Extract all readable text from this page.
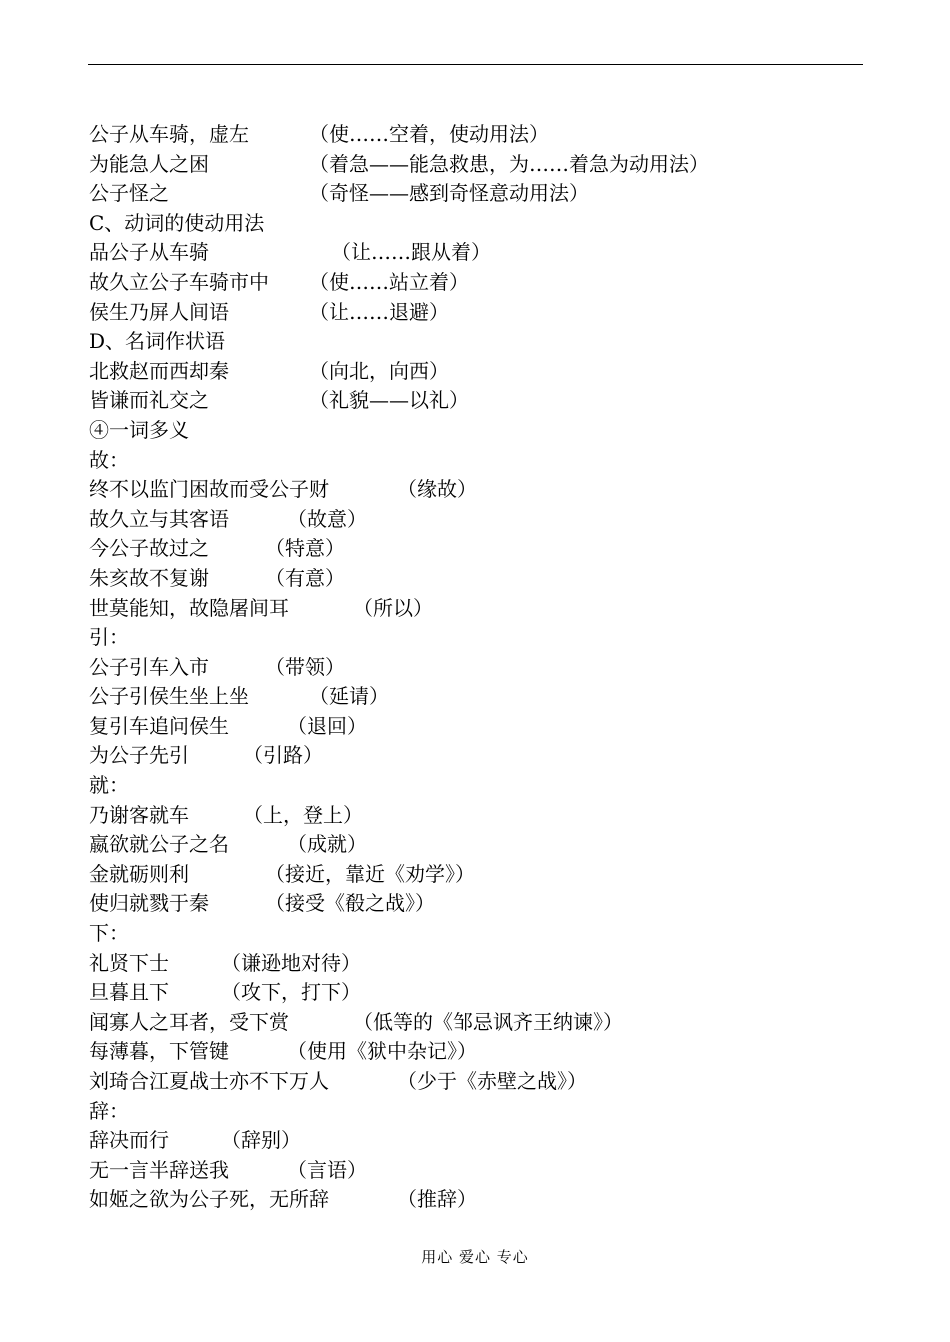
公子从车骑，虚左	（使……空着，使动用法）
为能急人之困	（着急——能急救患，为……着急为动用法）
公子怪之	（奇怪——感到奇怪意动用法）
C、动词的使动用法
品公子从车骑	（让……跟从着）
故久立公子车骑市中 （使……站立着）
侯生乃屏人间语	（让……退避）
D、名词作状语
北救赵而西却秦	（向北，向西）
皆谦而礼交之	（礼貌——以礼）
④一词多义
故：
终不以监门困故而受公子财	（缘故）
故久立与其客语	（故意）
今公子故过之	（特意）
朱亥故不复谢	（有意）
世莫能知，故隐屠间耳	（所以）
引：
公子引车入市	（带领）
公子引侯生坐上坐	（延请）
复引车追问侯生	（退回）
为公子先引	（引路）
就：
乃谢客就车	（上，登上）
嬴欲就公子之名	（成就）
金就砺则利	（接近，靠近《劝学》）
使归就戮于秦	（接受《殽之战》）
下：
礼贤下士	（谦逊地对待）
旦暮且下	（攻下，打下）
闻寡人之耳者，受下赏	（低等的《邹忌讽齐王纳谏》）
每薄暮，下管键	（使用《狱中杂记》）
刘琦合江夏战士亦不下万人	（少于《赤壁之战》）
辞：
辞决而行	（辞别）
无一言半辞送我	（言语）
如姬之欲为公子死，无所辞	（推辞）
用心 爱心 专心
